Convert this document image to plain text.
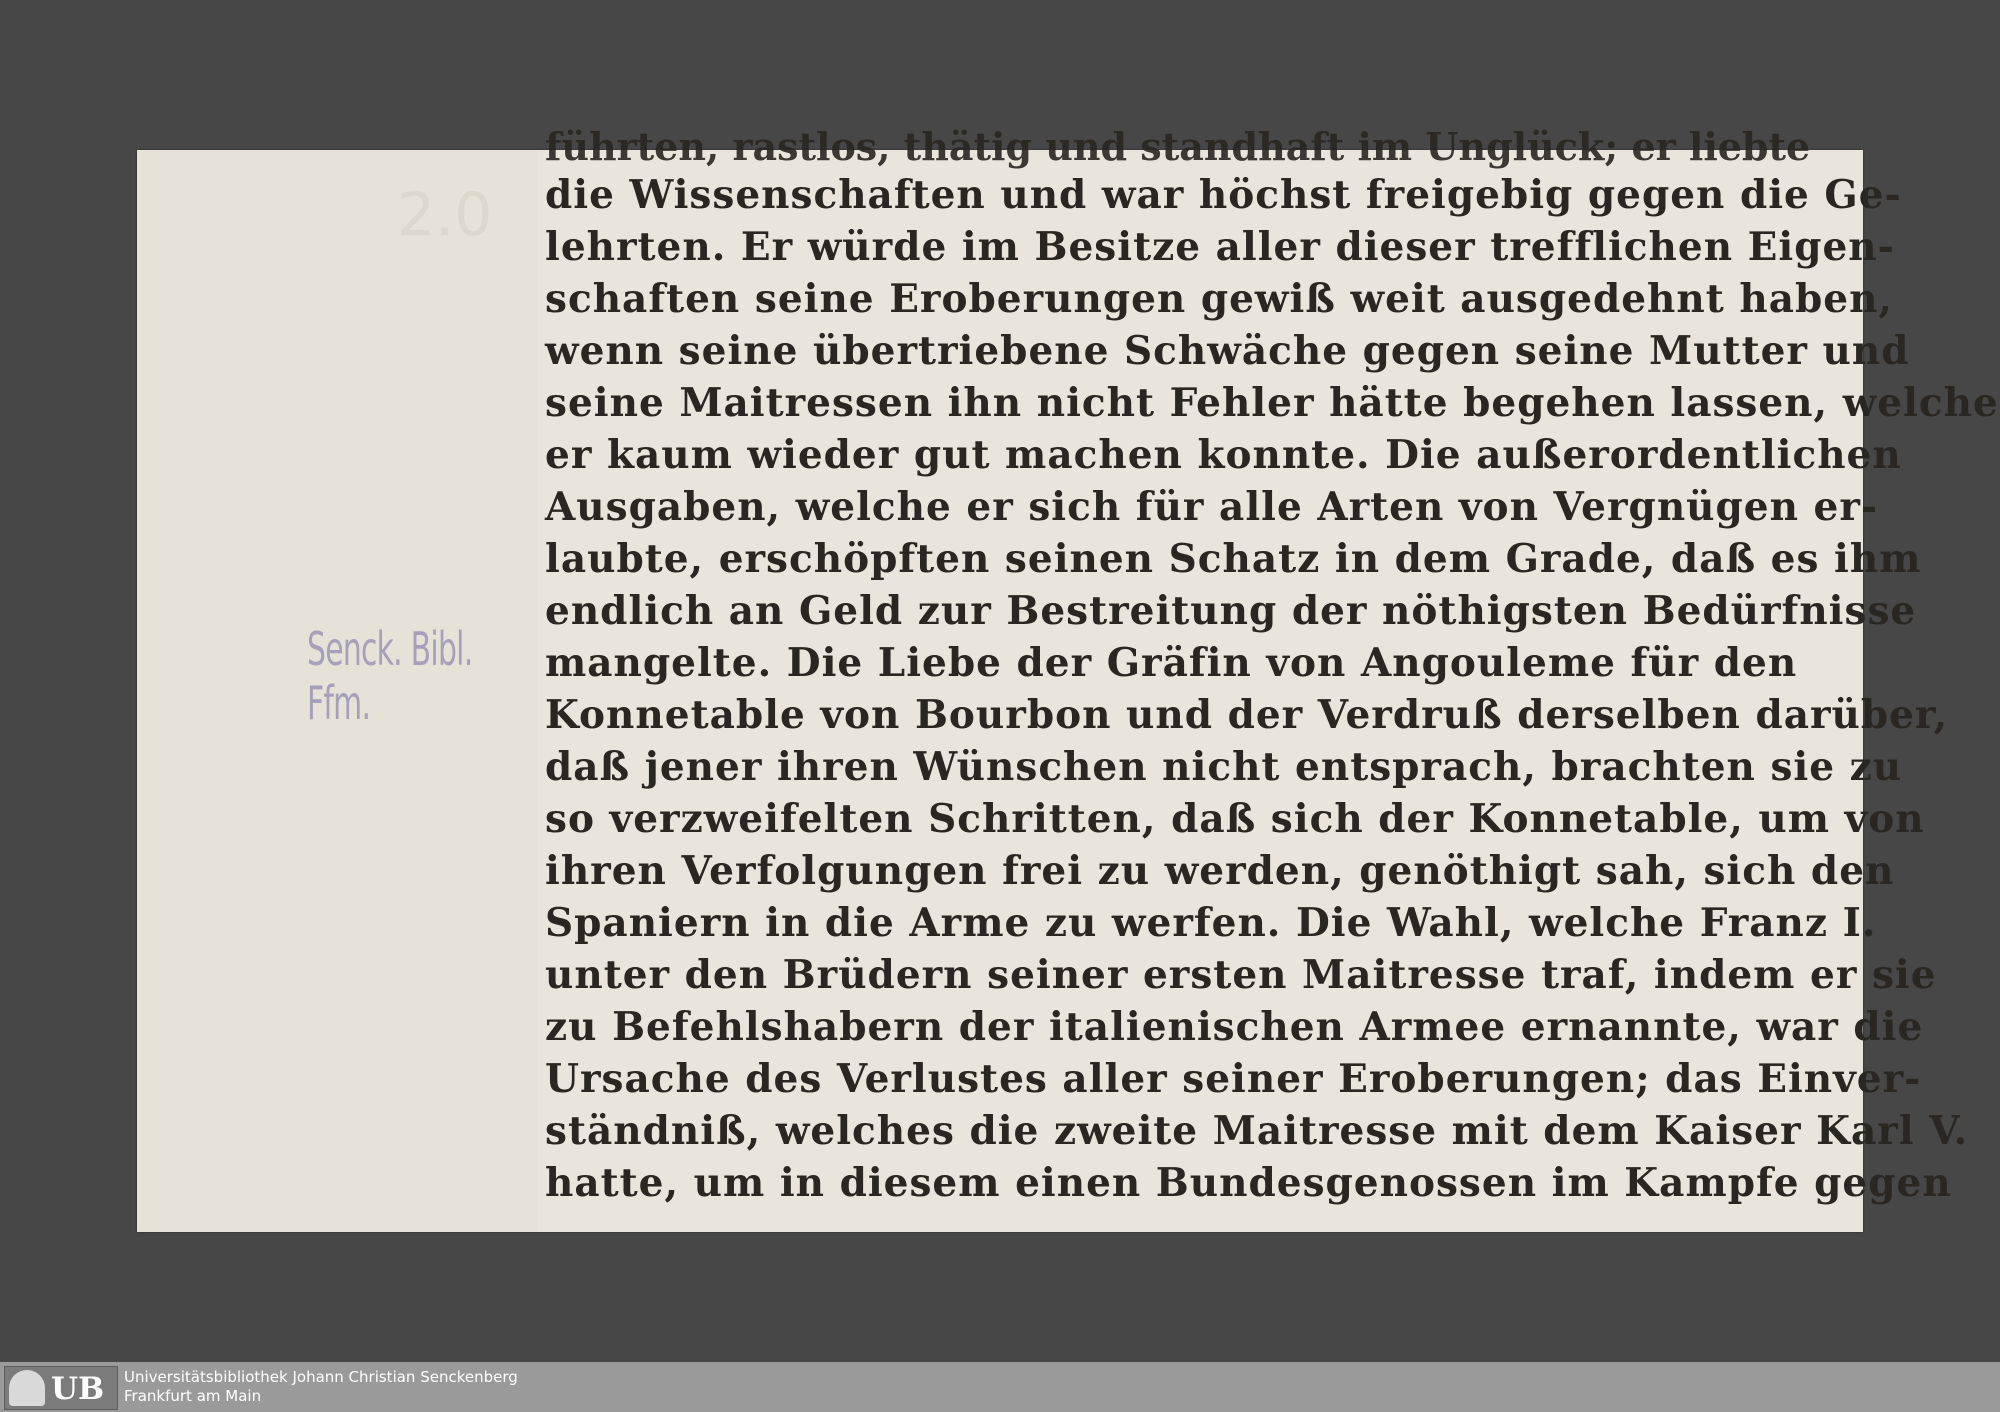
2.0
Senck. Bibl. Ffm.
führten, rastlos, thätig und standhaft im Unglück; er liebte
die Wissenschaften und war höchst freigebig gegen die Ge-
lehrten. Er würde im Besitze aller dieser trefflichen Eigen-
schaften seine Eroberungen gewiß weit ausgedehnt haben,
wenn seine übertriebene Schwäche gegen seine Mutter und
seine Maitressen ihn nicht Fehler hätte begehen lassen, welche
er kaum wieder gut machen konnte. Die außerordentlichen
Ausgaben, welche er sich für alle Arten von Vergnügen er-
laubte, erschöpften seinen Schatz in dem Grade, daß es ihm
endlich an Geld zur Bestreitung der nöthigsten Bedürfnisse
mangelte. Die Liebe der Gräfin von Angouleme für den
Konnetable von Bourbon und der Verdruß derselben darüber,
daß jener ihren Wünschen nicht entsprach, brachten sie zu
so verzweifelten Schritten, daß sich der Konnetable, um von
ihren Verfolgungen frei zu werden, genöthigt sah, sich den
Spaniern in die Arme zu werfen. Die Wahl, welche Franz I.
unter den Brüdern seiner ersten Maitresse traf, indem er sie
zu Befehlshabern der italienischen Armee ernannte, war die
Ursache des Verlustes aller seiner Eroberungen; das Einver-
ständniß, welches die zweite Maitresse mit dem Kaiser Karl V.
hatte, um in diesem einen Bundesgenossen im Kampfe gegen
UB Universitätsbibliothek Johann Christian Senckenberg
Frankfurt am Main
